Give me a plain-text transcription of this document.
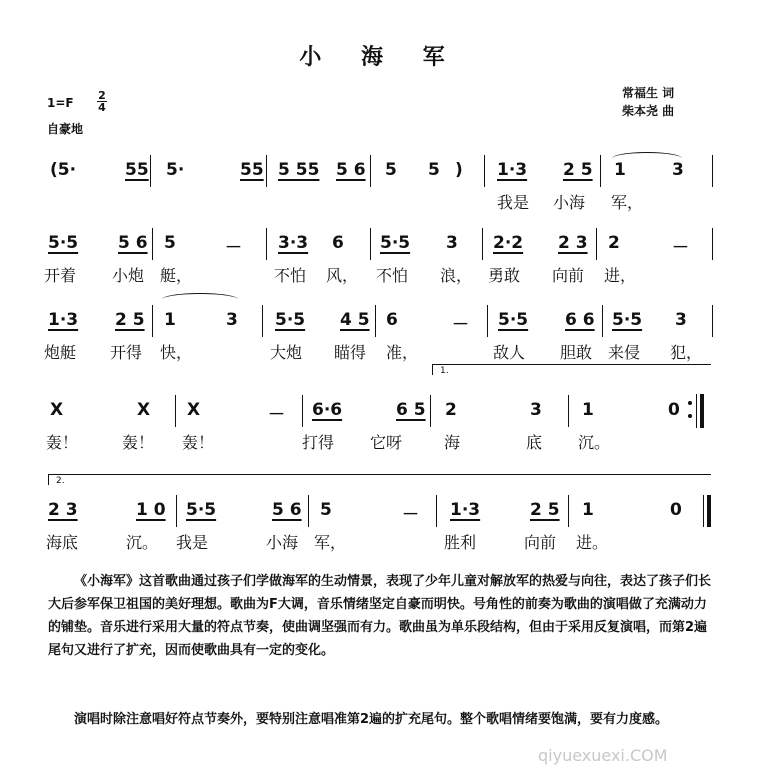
小 海 军
1=F
2
4
自豪地
常福生 词
柴本尧 曲
(5·	55 5·	55 5 55 5 6 5 5 ) 1·3 2 5 1	3
我是 小海 军，
5·5 5 6 5	－ 3·3 6 5·5 3 2·2 2 3 2	－
开着 小炮 艇，	不怕 风， 不怕 浪， 勇敢 向前 进，
1·3 2 5 1	3 5·5 4 5 6	－ 5·5 6 6 5·5 3
炮艇 开得 快，	大炮 瞄得 准，	敌人 胆敢 来侵 犯，
1.
X	X X	－ 6·6	6 5 2	3 1	0
轰！	轰！ 轰！	打得 它呀	海	底 沉。
2.
2 3	1 0 5·5	5 6 5	－ 1·3	2 5 1	0
海底	沉。 我是	小海 军，	胜利	向前 进。

《小海军》这首歌曲通过孩子们学做海军的生动情景，表现了少年儿童对解放军的热爱与向往，表达了孩子们长大后参军保卫祖国的美好理想。歌曲为F大调，音乐情绪坚定自豪而明快。号角性的前奏为歌曲的演唱做了充满动力的铺垫。音乐进行采用大量的符点节奏，使曲调坚强而有力。歌曲虽为单乐段结构，但由于采用反复演唱，而第2遍尾句又进行了扩充，因而使歌曲具有一定的变化。

演唱时除注意唱好符点节奏外，要特别注意唱准第2遍的扩充尾句。整个歌唱情绪要饱满，要有力度感。

qiyuexuexi.COM
